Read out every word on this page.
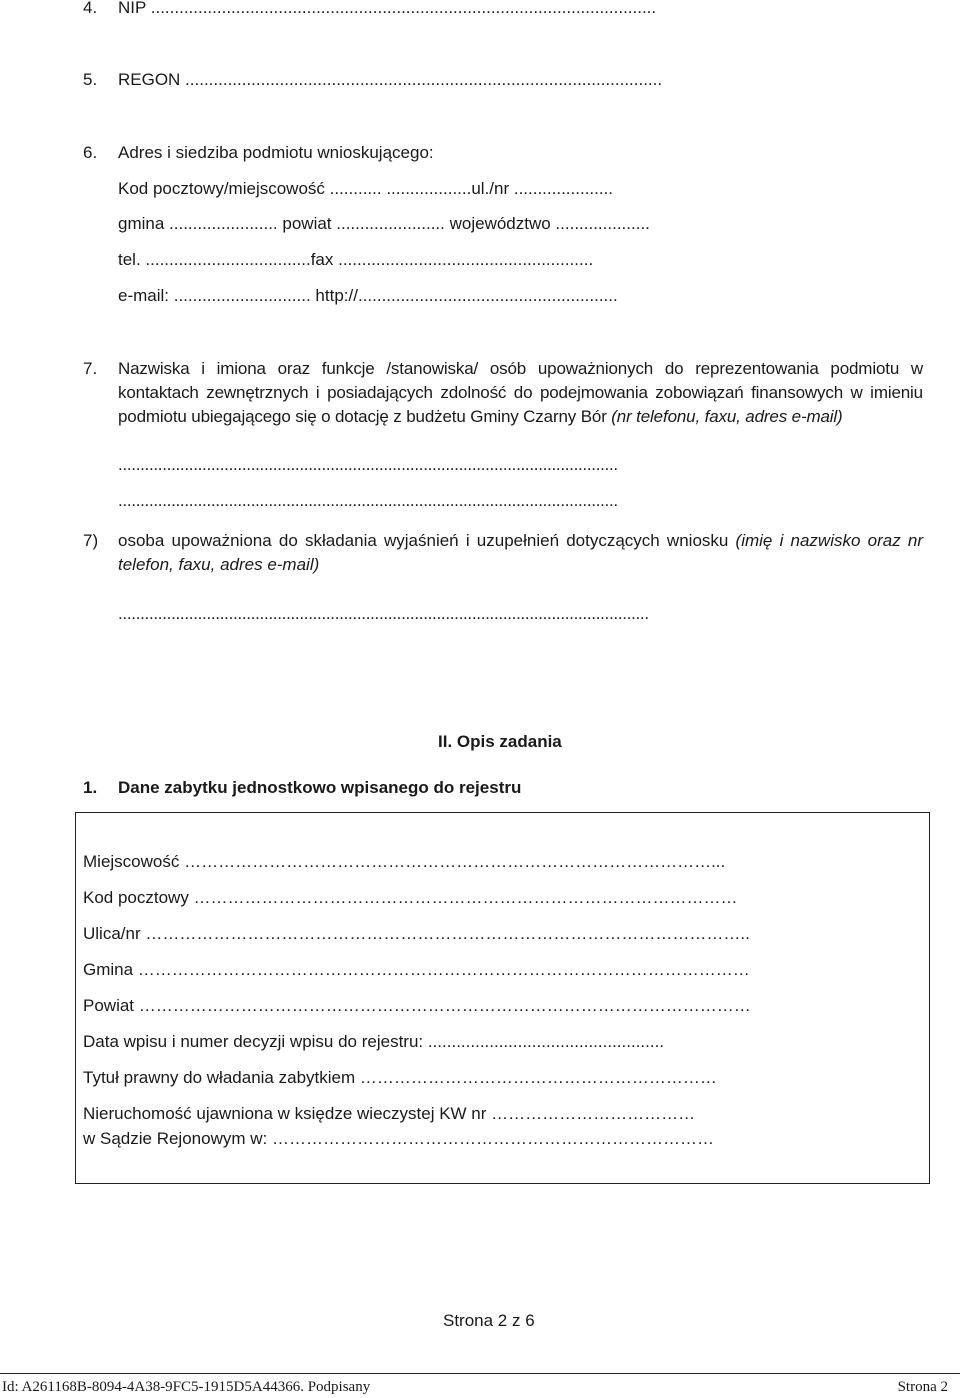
4. NIP ...........................................................................................................
5. REGON .....................................................................................................
6. Adres i siedziba podmiotu wnioskującego:
Kod pocztowy/miejscowość ........... ..................ul./nr .....................
gmina ....................... powiat ....................... województwo ....................
tel. ...................................fax ......................................................
e-mail: ............................. http://.......................................................
7. Nazwiska i imiona oraz funkcje /stanowiska/ osób upoważnionych do reprezentowania podmiotu w kontaktach zewnętrznych i posiadających zdolność do podejmowania zobowiązań finansowych w imieniu podmiotu ubiegającego się o dotację z budżetu Gminy Czarny Bór (nr telefonu, faxu, adres e-mail)
.................................................................................................................
.................................................................................................................
7) osoba upoważniona do składania wyjaśnień i uzupełnień dotyczących wniosku (imię i nazwisko oraz nr telefon, faxu, adres e-mail)
........................................................................................................................
II. Opis zadania
1. Dane zabytku jednostkowo wpisanego do rejestru
Miejscowość …………………………………………………………………………………...
Kod pocztowy ……………………………………………………………………………………
Ulica/nr ……………………………………………………………………………………………..
Gmina ………………………………………………………………………………………………
Powiat ………………………………………………………………………………………………
Data wpisu i numer decyzji wpisu do rejestru: ..................................................
Tytuł prawny do władania zabytkiem ………………………………………………………
Nieruchomość ujawniona w księdze wieczystej KW nr ………………………………
w Sądzie Rejonowym w: ……………………………………………………………………
Strona 2 z 6
Id: A261168B-8094-4A38-9FC5-1915D5A44366. Podpisany	Strona 2
